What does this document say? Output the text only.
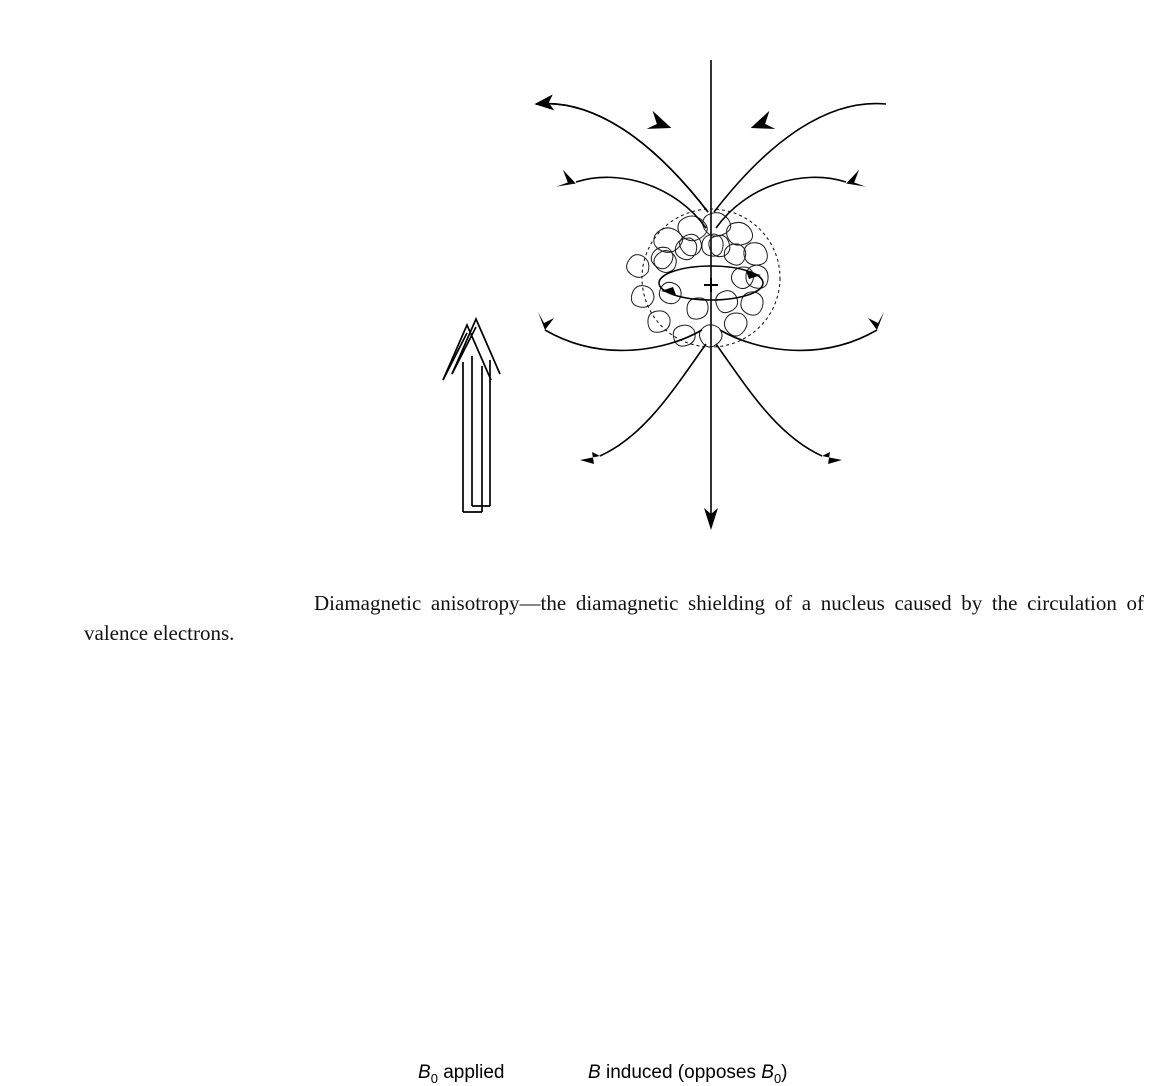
$B_0$ applied	B induced (opposes $B_0$)
Diamagnetic anisotropy—the diamagnetic shielding of a nucleus caused by the circulation of valence electrons.
